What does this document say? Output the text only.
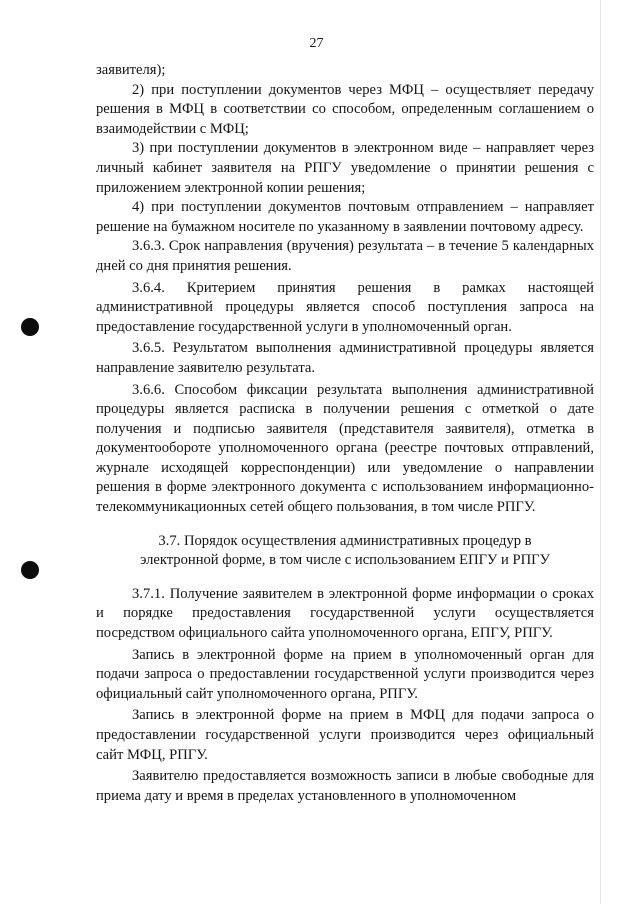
27

заявителя);

2) при поступлении документов через МФЦ – осуществляет передачу решения в МФЦ в соответствии со способом, определенным соглашением о взаимодействии с МФЦ;

3) при поступлении документов в электронном виде – направляет через личный кабинет заявителя на РПГУ уведомление о принятии решения с приложением электронной копии решения;

4) при поступлении документов почтовым отправлением – направляет решение на бумажном носителе по указанному в заявлении почтовому адресу.

3.6.3. Срок направления (вручения) результата – в течение 5 календарных дней со дня принятия решения.

3.6.4. Критерием принятия решения в рамках настоящей административной процедуры является способ поступления запроса на предоставление государственной услуги в уполномоченный орган.

3.6.5. Результатом выполнения административной процедуры является направление заявителю результата.

3.6.6. Способом фиксации результата выполнения административной процедуры является расписка в получении решения с отметкой о дате получения и подписью заявителя (представителя заявителя), отметка в документообороте уполномоченного органа (реестре почтовых отправлений, журнале исходящей корреспонденции) или уведомление о направлении решения в форме электронного документа с использованием информационно-телекоммуникационных сетей общего пользования, в том числе РПГУ.

3.7. Порядок осуществления административных процедур в
электронной форме, в том числе с использованием ЕПГУ и РПГУ

3.7.1. Получение заявителем в электронной форме информации о сроках и порядке предоставления государственной услуги осуществляется посредством официального сайта уполномоченного органа, ЕПГУ, РПГУ.

Запись в электронной форме на прием в уполномоченный орган для подачи запроса о предоставлении государственной услуги производится через официальный сайт уполномоченного органа, РПГУ.

Запись в электронной форме на прием в МФЦ для подачи запроса о предоставлении государственной услуги производится через официальный сайт МФЦ, РПГУ.

Заявителю предоставляется возможность записи в любые свободные для приема дату и время в пределах установленного в уполномоченном
